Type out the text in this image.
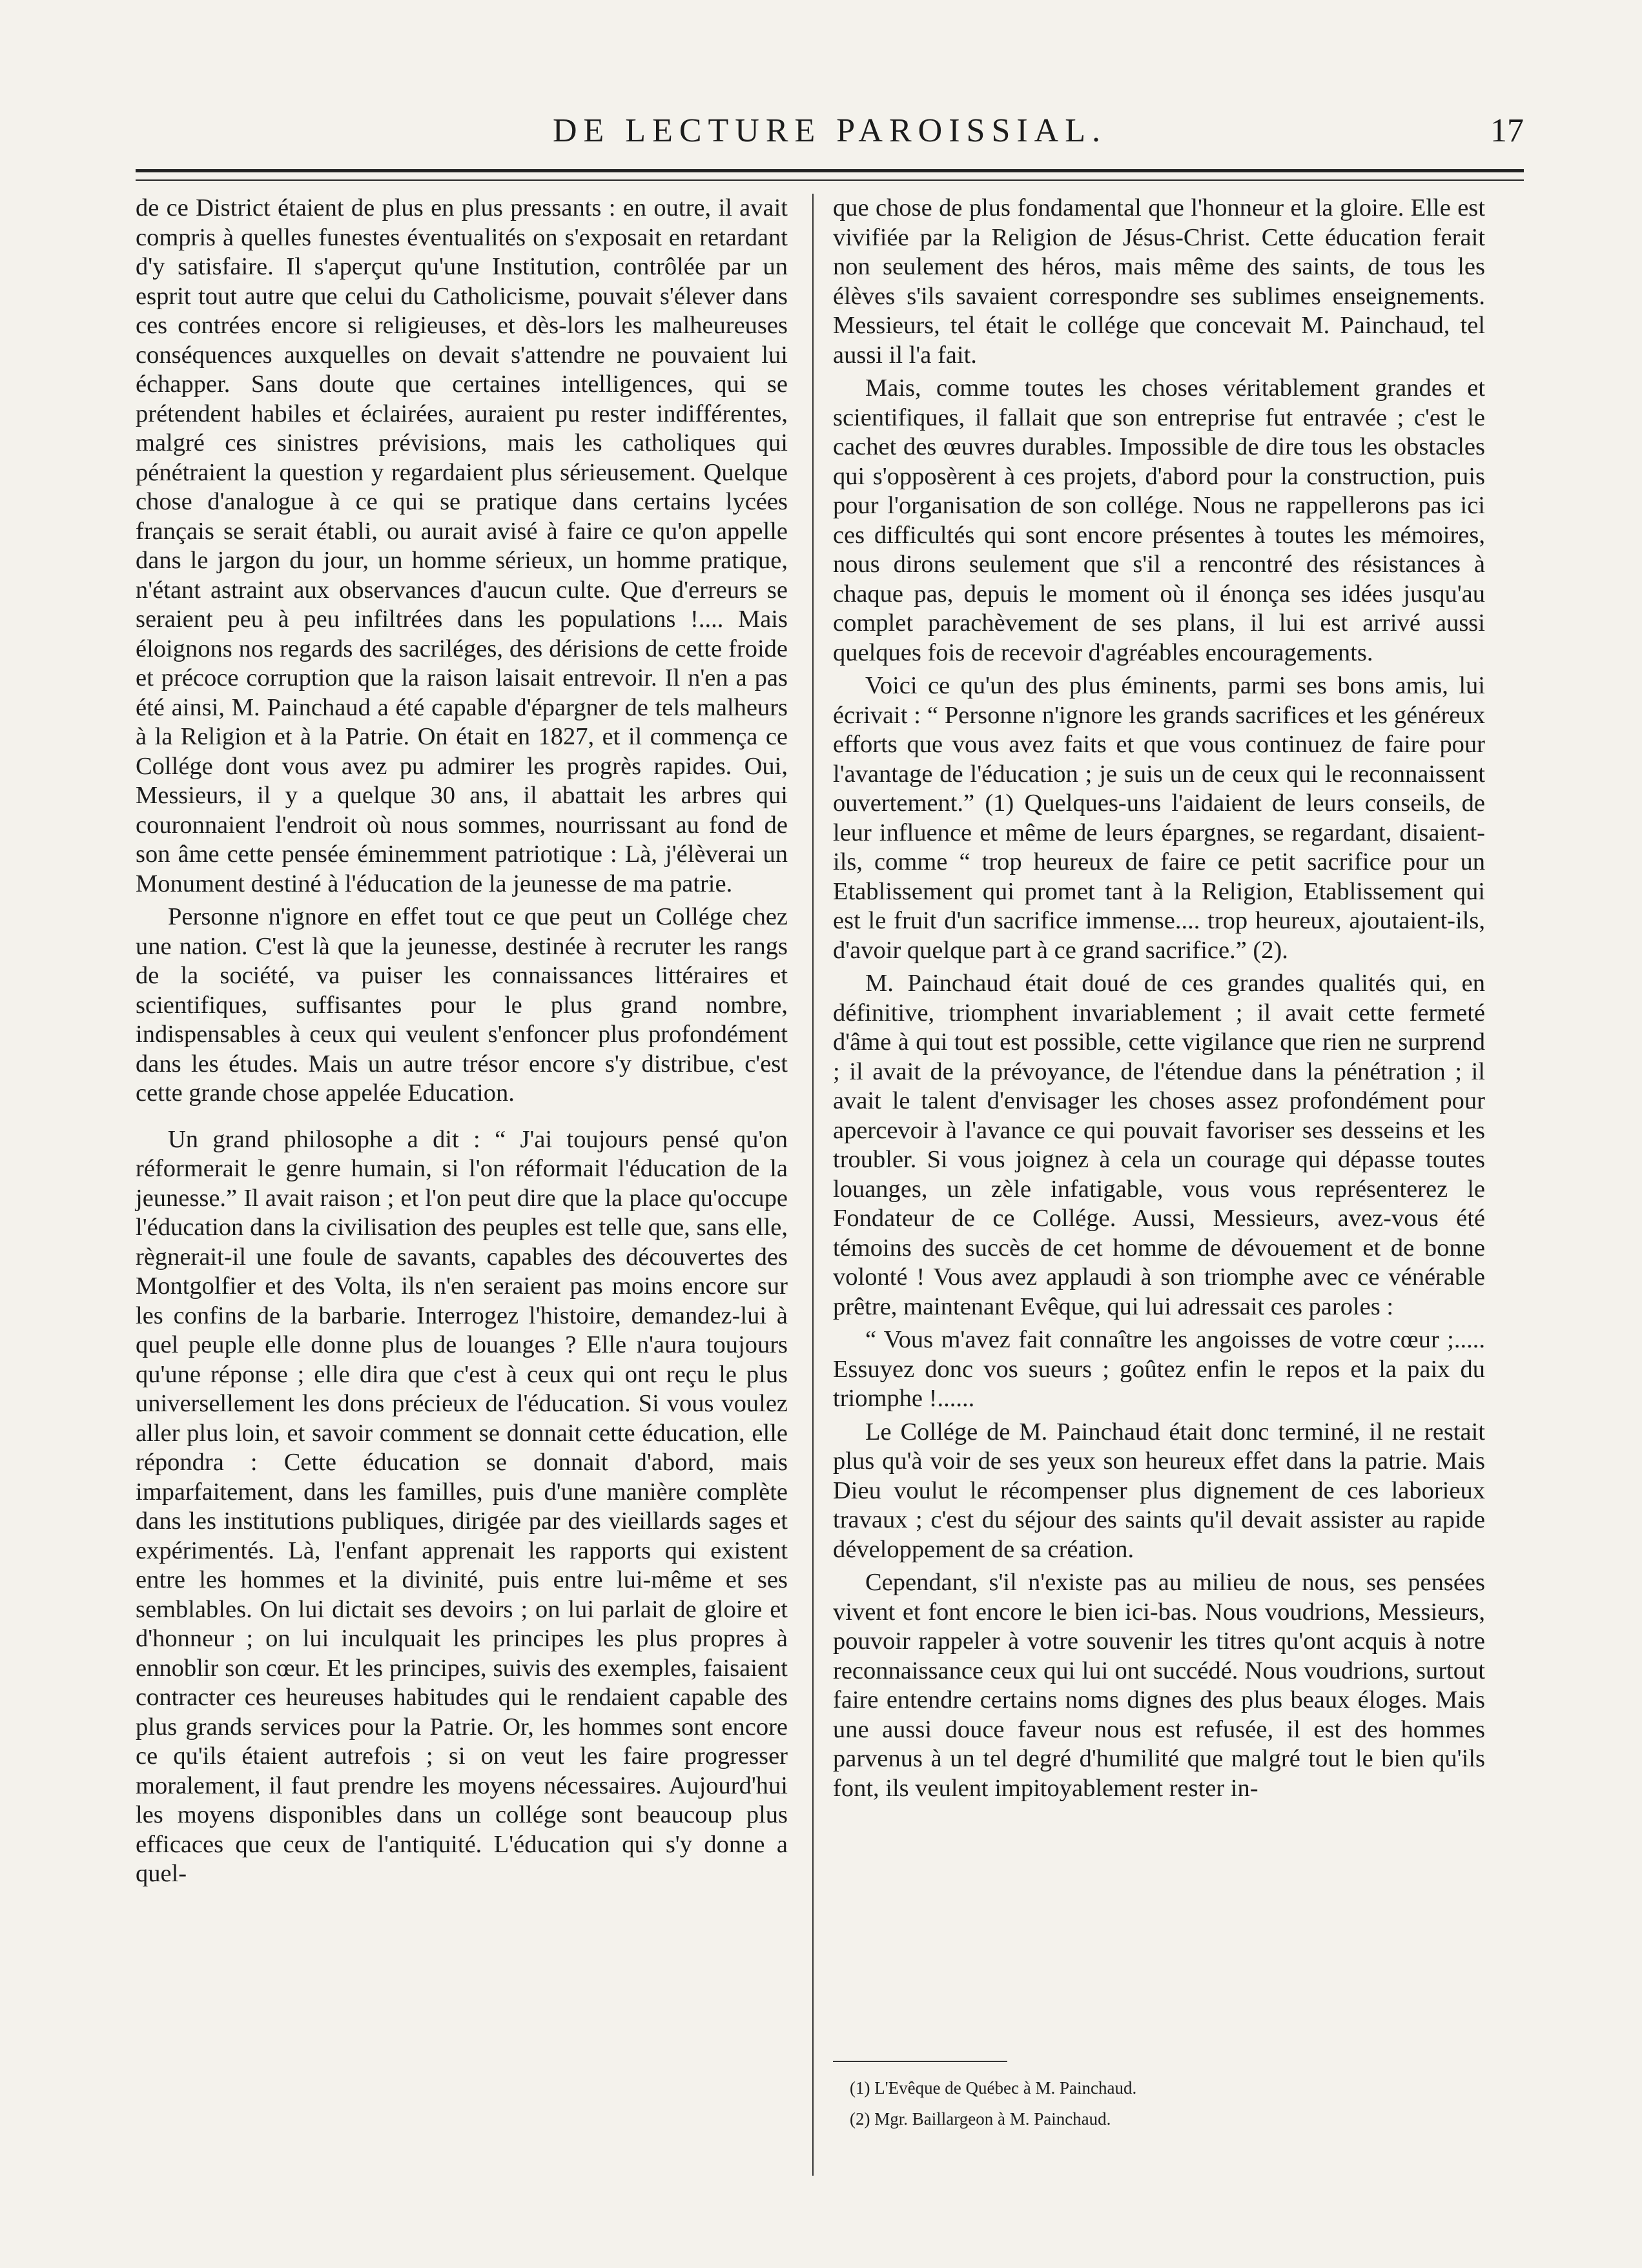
DE LECTURE PAROISSIAL.	17

de ce District étaient de plus en plus pressants : en outre, il avait compris à quelles funestes éventualités on s'exposait en retardant d'y satisfaire. Il s'aperçut qu'une Institution, contrôlée par un esprit tout autre que celui du Catholicisme, pouvait s'élever dans ces contrées encore si religieuses, et dès-lors les malheureuses conséquences auxquelles on devait s'attendre ne pouvaient lui échapper. Sans doute que certaines intelligences, qui se prétendent habiles et éclairées, auraient pu rester indifférentes, malgré ces sinistres prévisions, mais les catholiques qui pénétraient la question y regardaient plus sérieusement. Quelque chose d'analogue à ce qui se pratique dans certains lycées français se serait établi, ou aurait avisé à faire ce qu'on appelle dans le jargon du jour, un homme sérieux, un homme pratique, n'étant astraint aux observances d'aucun culte. Que d'erreurs se seraient peu à peu infiltrées dans les populations !.... Mais éloignons nos regards des sacriléges, des dérisions de cette froide et précoce corruption que la raison laisait entrevoir. Il n'en a pas été ainsi, M. Painchaud a été capable d'épargner de tels malheurs à la Religion et à la Patrie. On était en 1827, et il commença ce Collége dont vous avez pu admirer les progrès rapides. Oui, Messieurs, il y a quelque 30 ans, il abattait les arbres qui couronnaient l'endroit où nous sommes, nourrissant au fond de son âme cette pensée éminemment patriotique : Là, j'élèverai un Monument destiné à l'éducation de la jeunesse de ma patrie.

Personne n'ignore en effet tout ce que peut un Collége chez une nation. C'est là que la jeunesse, destinée à recruter les rangs de la société, va puiser les connaissances littéraires et scientifiques, suffisantes pour le plus grand nombre, indispensables à ceux qui veulent s'enfoncer plus profondément dans les études. Mais un autre trésor encore s'y distribue, c'est cette grande chose appelée Education.

Un grand philosophe a dit : “ J'ai toujours pensé qu'on réformerait le genre humain, si l'on réformait l'éducation de la jeunesse.” Il avait raison ; et l'on peut dire que la place qu'occupe l'éducation dans la civilisation des peuples est telle que, sans elle, règnerait-il une foule de savants, capables des découvertes des Montgolfier et des Volta, ils n'en seraient pas moins encore sur les confins de la barbarie. Interrogez l'histoire, demandez-lui à quel peuple elle donne plus de louanges ? Elle n'aura toujours qu'une réponse ; elle dira que c'est à ceux qui ont reçu le plus universellement les dons précieux de l'éducation. Si vous voulez aller plus loin, et savoir comment se donnait cette éducation, elle répondra : Cette éducation se donnait d'abord, mais imparfaitement, dans les familles, puis d'une manière complète dans les institutions publiques, dirigée par des vieillards sages et expérimentés. Là, l'enfant apprenait les rapports qui existent entre les hommes et la divinité, puis entre lui-même et ses semblables. On lui dictait ses devoirs ; on lui parlait de gloire et d'honneur ; on lui inculquait les principes les plus propres à ennoblir son cœur. Et les principes, suivis des exemples, faisaient contracter ces heureuses habitudes qui le rendaient capable des plus grands services pour la Patrie. Or, les hommes sont encore ce qu'ils étaient autrefois ; si on veut les faire progresser moralement, il faut prendre les moyens nécessaires. Aujourd'hui les moyens disponibles dans un collége sont beaucoup plus efficaces que ceux de l'antiquité. L'éducation qui s'y donne a quel-

que chose de plus fondamental que l'honneur et la gloire. Elle est vivifiée par la Religion de Jésus-Christ. Cette éducation ferait non seulement des héros, mais même des saints, de tous les élèves s'ils savaient correspondre ses sublimes enseignements. Messieurs, tel était le collége que concevait M. Painchaud, tel aussi il l'a fait.

Mais, comme toutes les choses véritablement grandes et scientifiques, il fallait que son entreprise fut entravée ; c'est le cachet des œuvres durables. Impossible de dire tous les obstacles qui s'opposèrent à ces projets, d'abord pour la construction, puis pour l'organisation de son collége. Nous ne rappellerons pas ici ces difficultés qui sont encore présentes à toutes les mémoires, nous dirons seulement que s'il a rencontré des résistances à chaque pas, depuis le moment où il énonça ses idées jusqu'au complet parachèvement de ses plans, il lui est arrivé aussi quelques fois de recevoir d'agréables encouragements.

Voici ce qu'un des plus éminents, parmi ses bons amis, lui écrivait : “ Personne n'ignore les grands sacrifices et les généreux efforts que vous avez faits et que vous continuez de faire pour l'avantage de l'éducation ; je suis un de ceux qui le reconnaissent ouvertement.” (1) Quelques-uns l'aidaient de leurs conseils, de leur influence et même de leurs épargnes, se regardant, disaient-ils, comme “ trop heureux de faire ce petit sacrifice pour un Etablissement qui promet tant à la Religion, Etablissement qui est le fruit d'un sacrifice immense.... trop heureux, ajoutaient-ils, d'avoir quelque part à ce grand sacrifice.” (2).

M. Painchaud était doué de ces grandes qualités qui, en définitive, triomphent invariablement ; il avait cette fermeté d'âme à qui tout est possible, cette vigilance que rien ne surprend ; il avait de la prévoyance, de l'étendue dans la pénétration ; il avait le talent d'envisager les choses assez profondément pour apercevoir à l'avance ce qui pouvait favoriser ses desseins et les troubler. Si vous joignez à cela un courage qui dépasse toutes louanges, un zèle infatigable, vous vous représenterez le Fondateur de ce Collége. Aussi, Messieurs, avez-vous été témoins des succès de cet homme de dévouement et de bonne volonté ! Vous avez applaudi à son triomphe avec ce vénérable prêtre, maintenant Evêque, qui lui adressait ces paroles :

“ Vous m'avez fait connaître les angoisses de votre cœur ;..... Essuyez donc vos sueurs ; goûtez enfin le repos et la paix du triomphe !......

Le Collége de M. Painchaud était donc terminé, il ne restait plus qu'à voir de ses yeux son heureux effet dans la patrie. Mais Dieu voulut le récompenser plus dignement de ces laborieux travaux ; c'est du séjour des saints qu'il devait assister au rapide développement de sa création.

Cependant, s'il n'existe pas au milieu de nous, ses pensées vivent et font encore le bien ici-bas. Nous voudrions, Messieurs, pouvoir rappeler à votre souvenir les titres qu'ont acquis à notre reconnaissance ceux qui lui ont succédé. Nous voudrions, surtout faire entendre certains noms dignes des plus beaux éloges. Mais une aussi douce faveur nous est refusée, il est des hommes parvenus à un tel degré d'humilité que malgré tout le bien qu'ils font, ils veulent impitoyablement rester in-

(1) L'Evêque de Québec à M. Painchaud.
(2) Mgr. Baillargeon à M. Painchaud.
